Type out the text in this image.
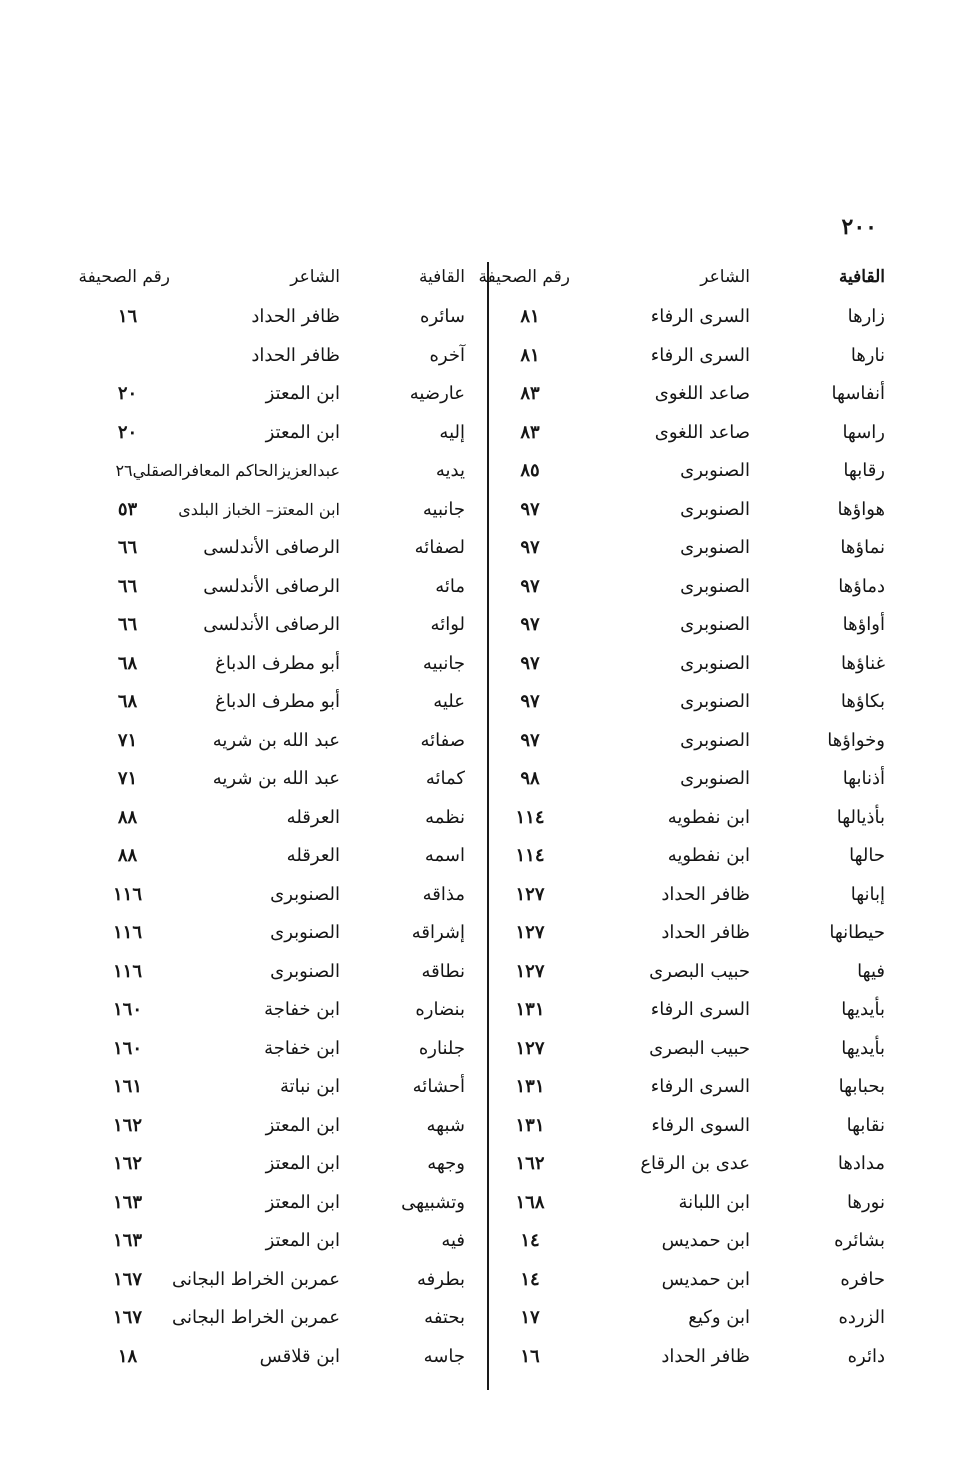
٢٠٠
القافية
الشاعر
رقم الصحيفة
القافية
الشاعر
رقم الصحيفة
زارها
السرى الرفاء
٨١
سائره
ظافر الحداد
١٦
نارها
السرى الرفاء
٨١
آخره
ظافر الحداد
أنفاسها
صاعد اللغوى
٨٣
عارضيه
ابن المعتز
٢٠
راسها
صاعد اللغوى
٨٣
إليه
ابن المعتز
٢٠
رقابها
الصنوبرى
٨٥
يديه
عبدالعزيزالحاكم المعافرالصقلي٢٦
هواؤها
الصنوبرى
٩٧
جانبيه
ابن المعتز– الخباز البلدى
٥٣
نماؤها
الصنوبرى
٩٧
لصفائه
الرصافى الأندلسى
٦٦
دماؤها
الصنوبرى
٩٧
مائه
الرصافى الأندلسى
٦٦
أواؤها
الصنوبرى
٩٧
لوائه
الرصافى الأندلسى
٦٦
غناؤها
الصنوبرى
٩٧
جانبيه
أبو مطرف الدباغ
٦٨
بكاؤها
الصنوبرى
٩٧
عليه
أبو مطرف الدباغ
٦٨
وخواؤها
الصنوبرى
٩٧
صفائه
عبد الله بن شريه
٧١
أذنابها
الصنوبرى
٩٨
كمائه
عبد الله بن شريه
٧١
بأذيالها
ابن نفطويه
١١٤
نظمه
العرقله
٨٨
حالها
ابن نفطويه
١١٤
اسمه
العرقله
٨٨
إبانها
ظافر الحداد
١٢٧
مذاقه
الصنوبرى
١١٦
حيطانها
ظافر الحداد
١٢٧
إشراقه
الصنوبرى
١١٦
فيها
حبيب البصرى
١٢٧
نطاقه
الصنوبرى
١١٦
بأيديها
السرى الرفاء
١٣١
بنضاره
ابن خفاجة
١٦٠
بأيديها
حبيب البصرى
١٢٧
جلناره
ابن خفاجة
١٦٠
بحبابها
السرى الرفاء
١٣١
أحشائه
ابن نباتة
١٦١
نقابها
السوى الرفاء
١٣١
شبهه
ابن المعتز
١٦٢
مدادها
عدى بن الرقاع
١٦٢
وجهه
ابن المعتز
١٦٢
نورها
ابن اللبانة
١٦٨
وتشبيهى
ابن المعتز
١٦٣
بشائره
ابن حمديس
١٤
فيه
ابن المعتز
١٦٣
حافره
ابن حمديس
١٤
بطرفه
عمربن الخراط البجانى
١٦٧
الزرده
ابن وكيع
١٧
بحتفه
عمربن الخراط البجانى
١٦٧
دائره
ظافر الحداد
١٦
جاسه
ابن قلاقس
١٨
